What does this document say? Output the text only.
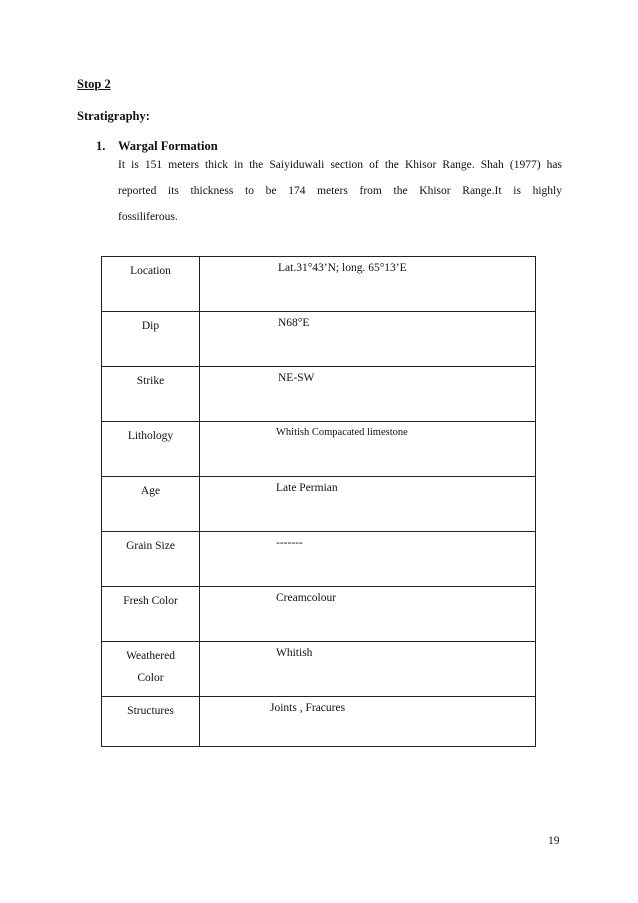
Stop 2
Stratigraphy:
1. Wargal Formation
It is 151 meters thick in the Saiyiduwali section of the Khisor Range. Shah (1977) has
reported its thickness to be 174 meters from the Khisor Range.It is highly
fossiliferous.
Location	Lat.31°43’N; long. 65°13’E

Dip	N68°E

Strike	NE-SW

Lithology	Whitish Compacated limestone

Age	Late Permian

Grain Size	-------

Fresh Color	Creamcolour

Weathered
Color	Whitish

Structures	Joints , Fracures
19
